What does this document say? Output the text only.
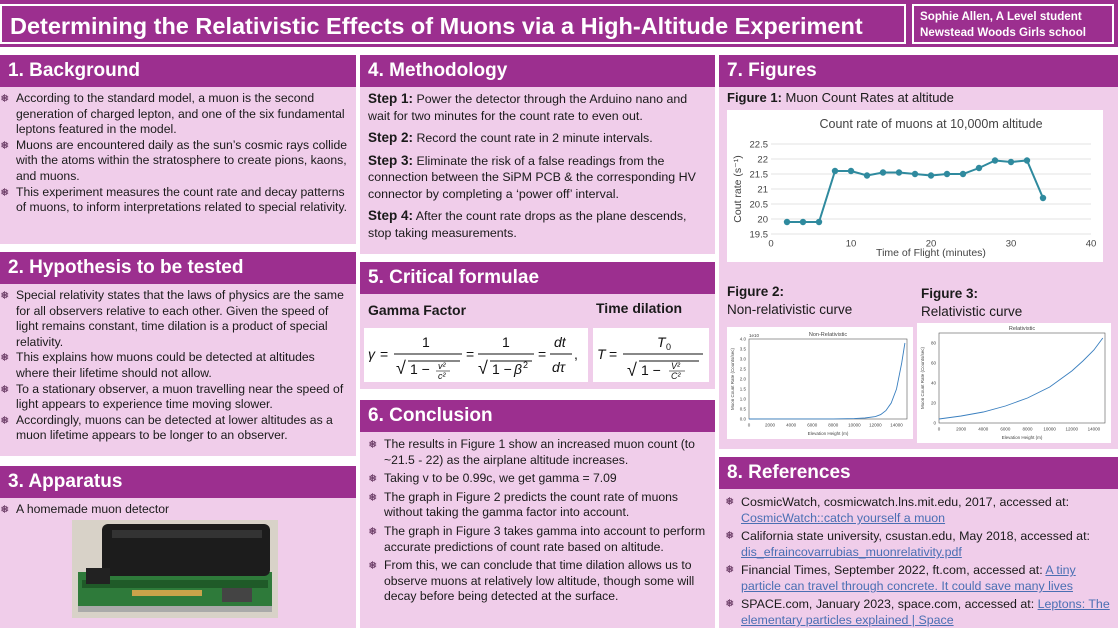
Determining the Relativistic Effects of Muons via a High-Altitude Experiment	Sophie Allen, A Level student
Newstead Woods Girls school
1. Background
❅ According to the standard model, a muon is the second generation of charged lepton, and one of the six fundamental leptons featured in the model.
❅ Muons are encountered daily as the sun’s cosmic rays collide with the atoms within the stratosphere to create pions, kaons, and muons.
❅ This experiment measures the count rate and decay patterns of muons, to inform interpretations related to special relativity.
2. Hypothesis to be tested
❅ Special relativity states that the laws of physics are the same for all observers relative to each other. Given the speed of light remains constant, time dilation is a product of special relativity.
❅ This explains how muons could be detected at altitudes where their lifetime should not allow.
❅ To a stationary observer, a muon travelling near the speed of light appears to experience time moving slower.
❅ Accordingly, muons can be detected at lower altitudes as a muon lifetime appears to be longer to an observer.
3. Apparatus
❅ A homemade muon detector
4. Methodology
Step 1: Power the detector through the Arduino nano and wait for two minutes for the count rate to even out.
Step 2: Record the count rate in 2 minute intervals.
Step 3: Eliminate the risk of a false readings from the connection between the SiPM PCB & the corresponding HV connector by completing a ‘power off’ interval.
Step 4: After the count rate drops as the plane descends, stop taking measurements.
5. Critical formulae
Gamma Factor	Time dilation
γ =
1
√ 1 − v²
c²
=
1
√ 1 − β 2
=
dt
dτ
, T =
T 0
√ 1 − V²
C²
6. Conclusion
❅ The results in Figure 1 show an increased muon count (to ~21.5 - 22) as the airplane altitude increases.
❅ Taking v to be 0.99c, we get gamma = 7.09
❅ The graph in Figure 2 predicts the count rate of muons without taking the gamma factor into account.
❅ The graph in Figure 3 takes gamma into account to perform accurate predictions of count rate based on altitude.
❅ From this, we can conclude that time dilation allows us to observe muons at relatively low altitude, though some will decay before being detected at the surface.
7. Figures
Figure 1: Muon Count Rates at altitude
Count rate of muons at 10,000m altitude
19.5
20
20.5
21
21.5
22
22.5
0	10	20	30	40
Time of Flight (minutes)
Cout rate (s⁻¹)
Figure 2:
Non-relativistic curve
Figure 3:
Relativistic curve
Non-Relativistic
0.0
0.5
1.0
1.5
2.0
2.5
3.0
3.5
4.0
0	2000 4000 6000 8000 10000 12000 14000
Elevation Height (m)
Muon Count Rate (Counts/sec)
1e10
Relativistic
0
20
40
60
80
0	2000	4000	6000	8000 10000 12000 14000
Elevation Height (m)
Muon Count Rate (Counts/sec)
8. References
❅ CosmicWatch, cosmicwatch.lns.mit.edu, 2017, accessed at: CosmicWatch::catch yourself a muon
❅ California state university, csustan.edu, May 2018, accessed at: dis_efraincovarrubias_muonrelativity.pdf
❅ Financial Times, September 2022, ft.com, accessed at: A tiny particle can travel through concrete. It could save many lives
❅ SPACE.com, January 2023, space.com, accessed at: Leptons: The elementary particles explained | Space
